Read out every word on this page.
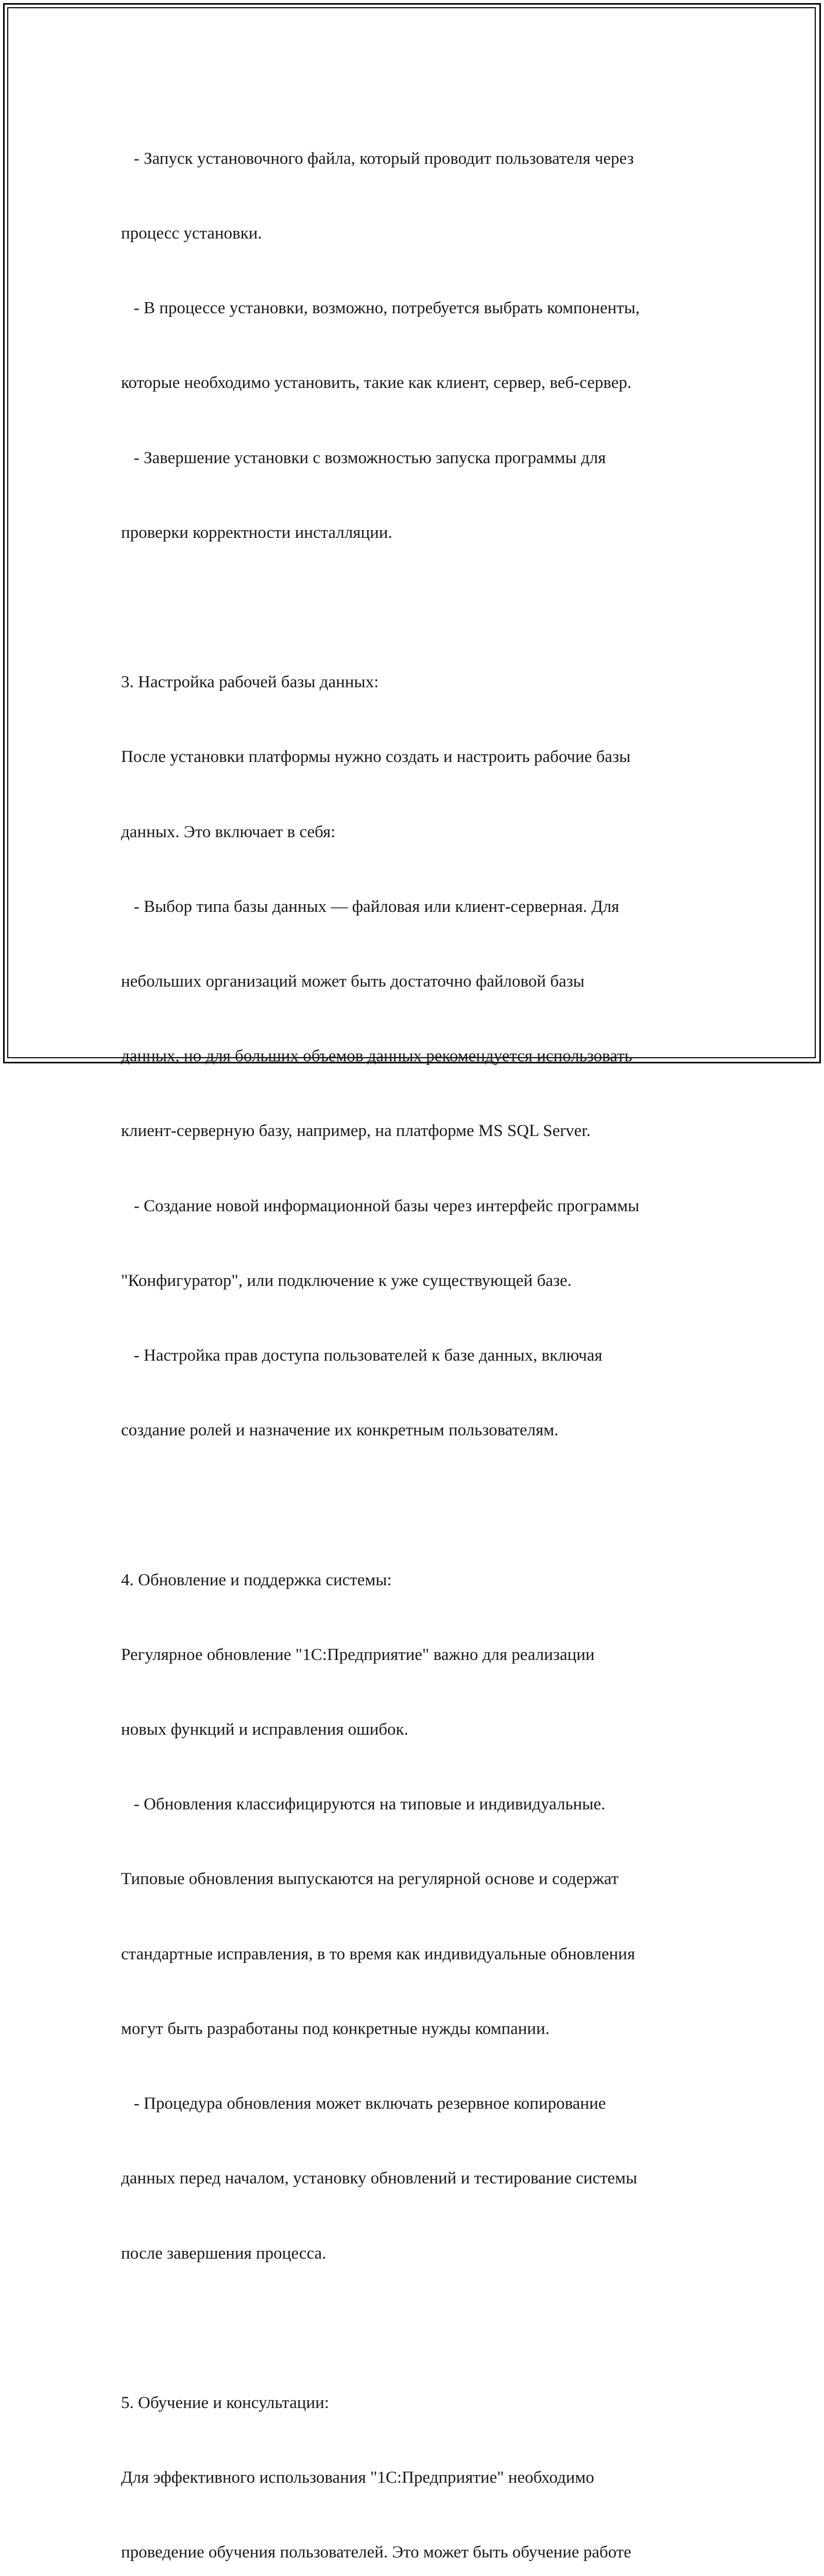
- Запуск установочного файла, который проводит пользователя через

процесс установки.

- В процессе установки, возможно, потребуется выбрать компоненты,

которые необходимо установить, такие как клиент, сервер, веб-сервер.

- Завершение установки с возможностью запуска программы для

проверки корректности инсталляции.

3. Настройка рабочей базы данных:

После установки платформы нужно создать и настроить рабочие базы

данных. Это включает в себя:

- Выбор типа базы данных — файловая или клиент-серверная. Для

небольших организаций может быть достаточно файловой базы

данных, но для больших объемов данных рекомендуется использовать

клиент-серверную базу, например, на платформе MS SQL Server.

- Создание новой информационной базы через интерфейс программы

"Конфигуратор", или подключение к уже существующей базе.

- Настройка прав доступа пользователей к базе данных, включая

создание ролей и назначение их конкретным пользователям.

4. Обновление и поддержка системы:

Регулярное обновление "1С:Предприятие" важно для реализации

новых функций и исправления ошибок.

- Обновления классифицируются на типовые и индивидуальные.

Типовые обновления выпускаются на регулярной основе и содержат

стандартные исправления, в то время как индивидуальные обновления

могут быть разработаны под конкретные нужды компании.

- Процедура обновления может включать резервное копирование

данных перед началом, установку обновлений и тестирование системы

после завершения процесса.

5. Обучение и консультации:

Для эффективного использования "1С:Предприятие" необходимо

проведение обучения пользователей. Это может быть обучение работе
